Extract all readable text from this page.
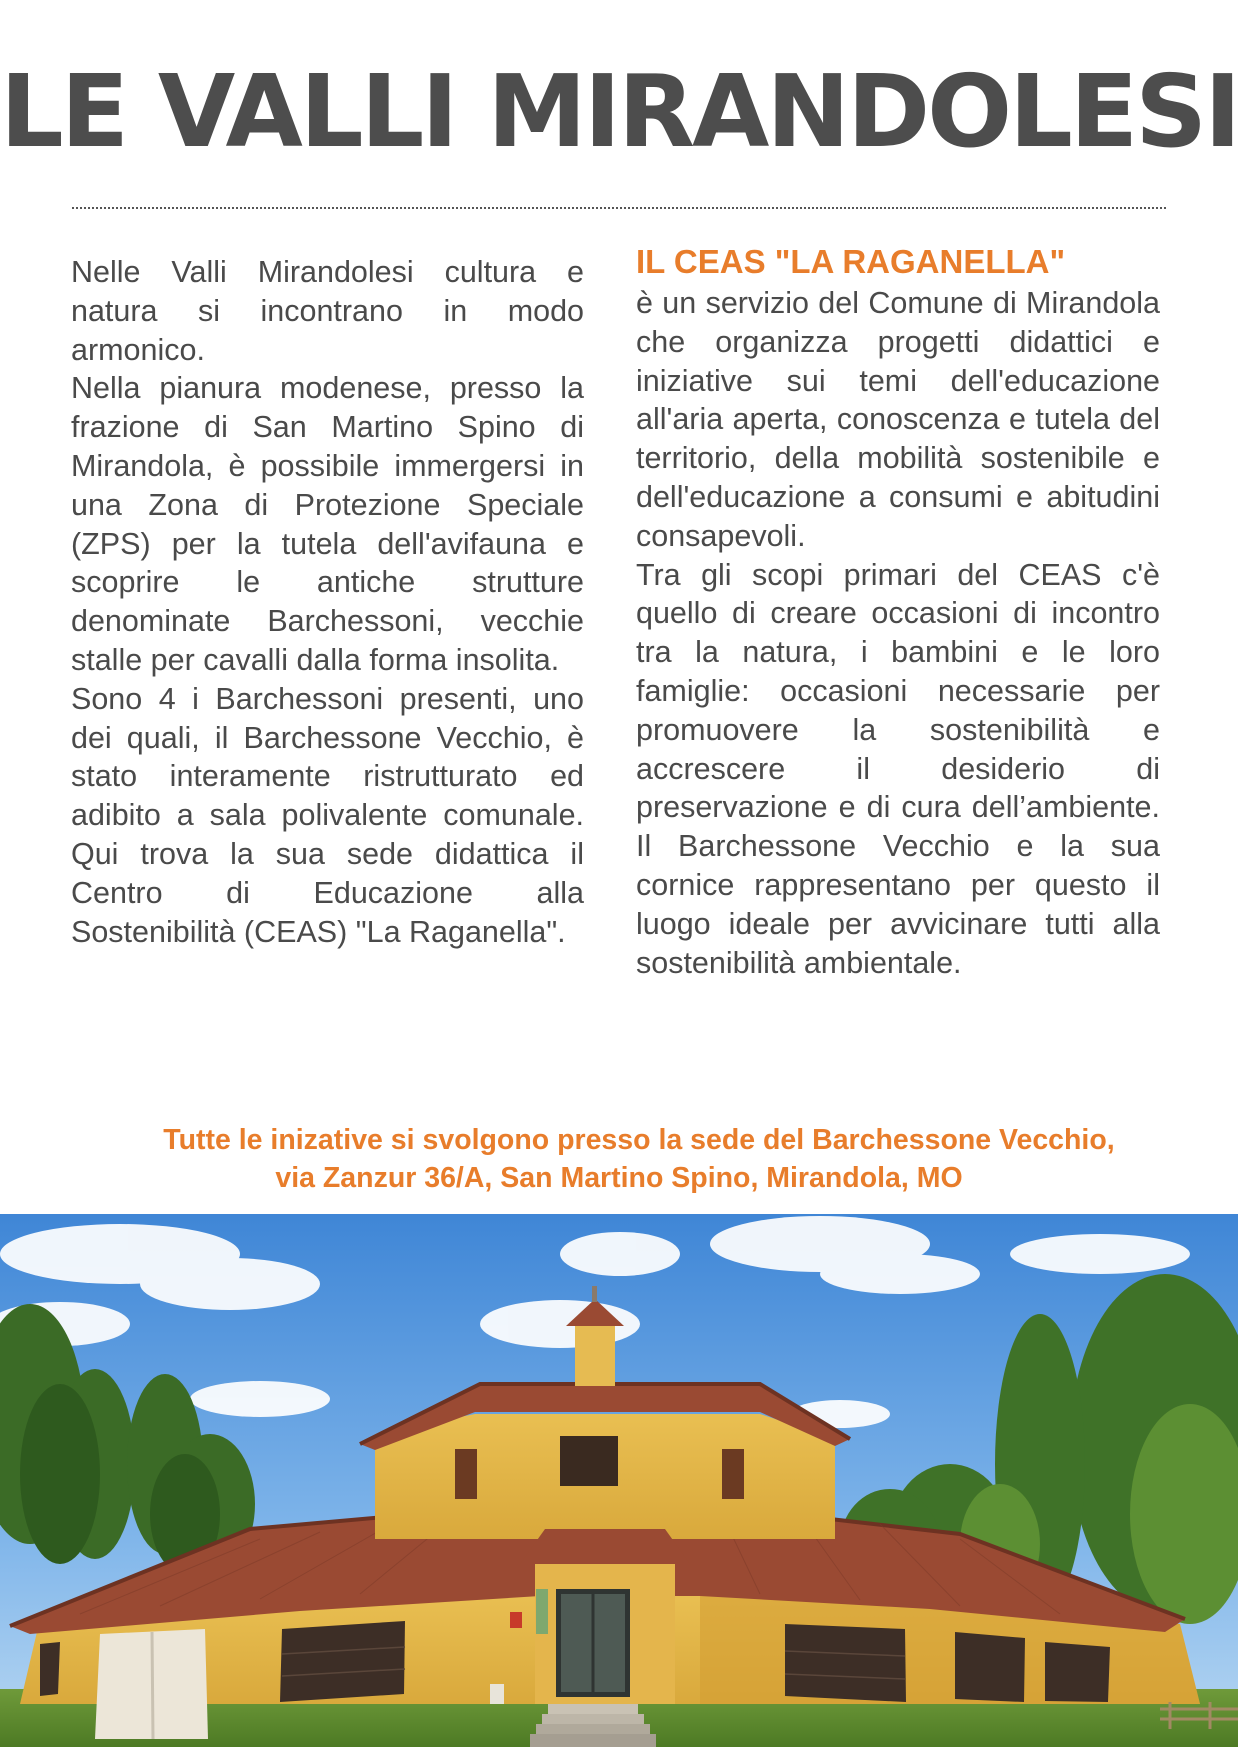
LE VALLI MIRANDOLESI

Nelle Valli Mirandolesi cultura e natura si incontrano in modo armonico.

Nella pianura modenese, presso la frazione di San Martino Spino di Mirandola, è possibile immergersi in una Zona di Protezione Speciale (ZPS) per la tutela dell'avifauna e scoprire le antiche strutture denominate Barchessoni, vecchie stalle per cavalli dalla forma insolita.

Sono 4 i Barchessoni presenti, uno dei quali, il Barchessone Vecchio, è stato interamente ristrutturato ed adibito a sala polivalente comunale. Qui trova la sua sede didattica il Centro di Educazione alla Sostenibilità (CEAS) "La Raganella".

IL CEAS "LA RAGANELLA"

è un servizio del Comune di Mirandola che organizza progetti didattici e iniziative sui temi dell'educazione all'aria aperta, conoscenza e tutela del territorio, della mobilità sostenibile e dell'educazione a consumi e abitudini consapevoli.

Tra gli scopi primari del CEAS c'è quello di creare occasioni di incontro tra la natura, i bambini e le loro famiglie: occasioni necessarie per promuovere la sostenibilità e accrescere il desiderio di preservazione e di cura dell’ambiente. Il Barchessone Vecchio e la sua cornice rappresentano per questo il luogo ideale per avvicinare tutti alla sostenibilità ambientale.

Tutte le inizative si svolgono presso la sede del Barchessone Vecchio,
via Zanzur 36/A, San Martino Spino, Mirandola, MO
